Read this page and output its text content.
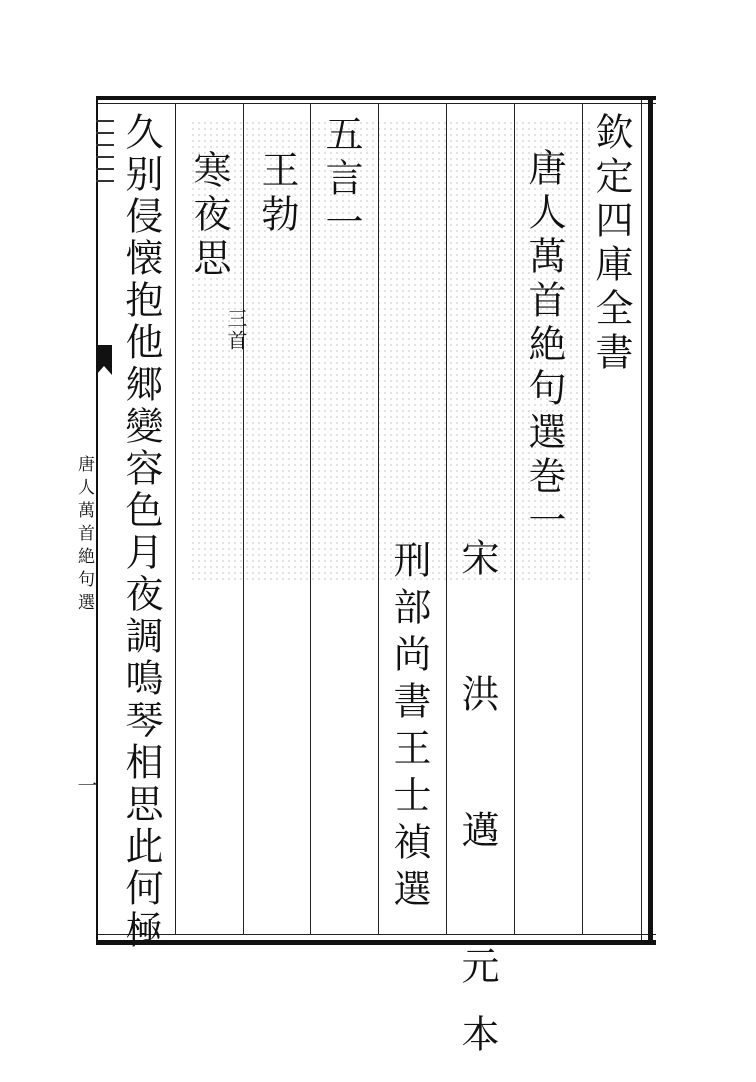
欽定四庫全書
唐人萬首絶句選巻一
宋　洪　邁　元本
刑部尚書王士禎選
五言一
王勃
寒夜思
三首
久别侵懐抱他郷變容色月夜調鳴琴相思此何極
唐人萬首絶句選
一
